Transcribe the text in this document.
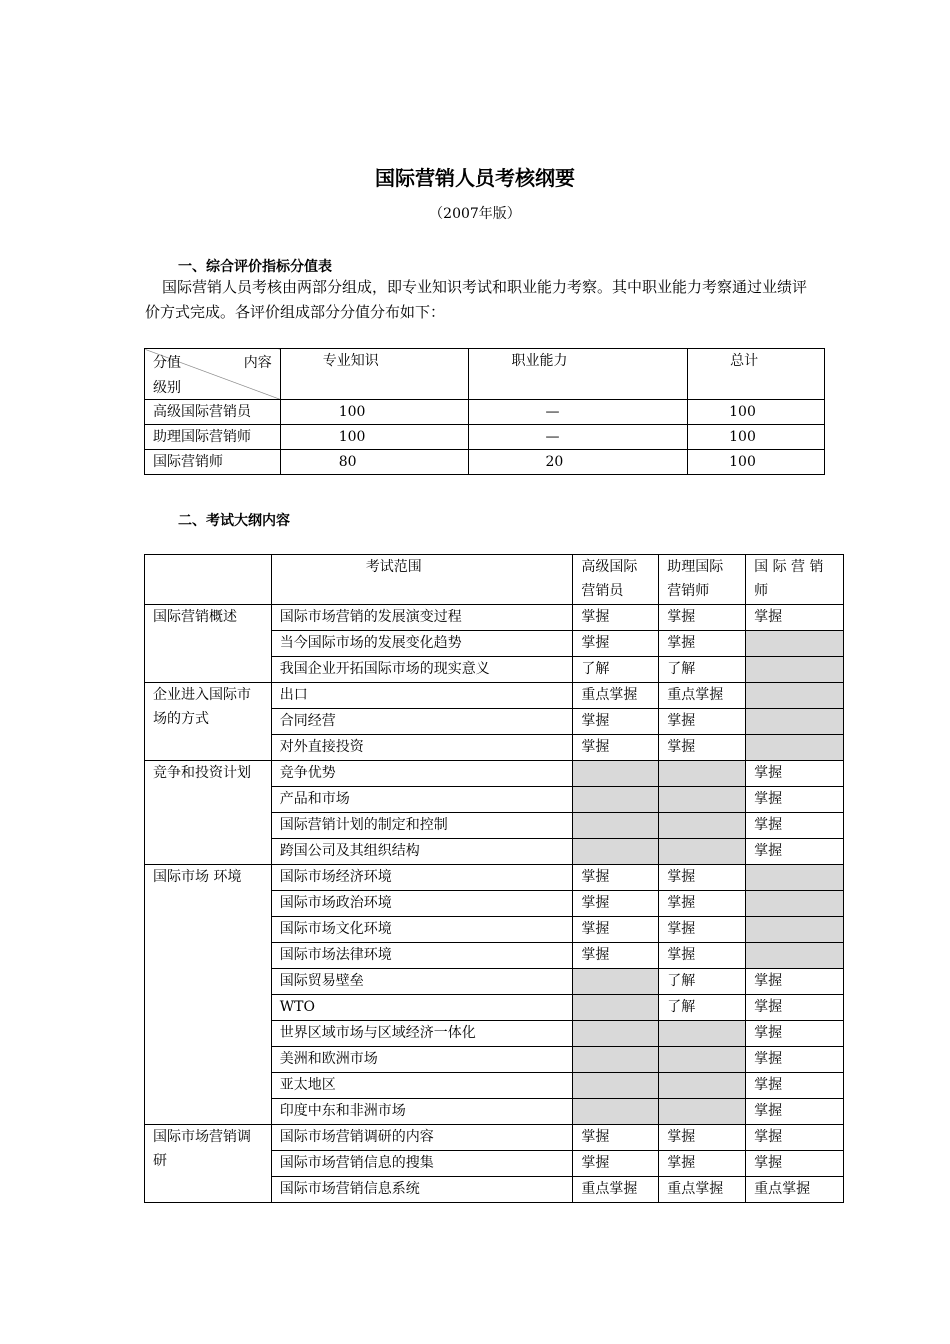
国际营销人员考核纲要
（2007年版）
一、综合评价指标分值表
国际营销人员考核由两部分组成，即专业知识考试和职业能力考察。其中职业能力考察通过业绩评价方式完成。各评价组成部分分值分布如下：
分值 内容
级别	专业知识	职业能力	总计
高级国际营销员	100	—	100
助理国际营销师	100	—	100
国际营销师	80	20	100
二、考试大纲内容
	考试范围	高级国际营销员	助理国际营销师	国 际 营 销 师
国际营销概述	国际市场营销的发展演变过程	掌握	掌握	掌握
	当今国际市场的发展变化趋势	掌握	掌握	
	我国企业开拓国际市场的现实意义	了解	了解	
企业进入国际市场的方式	出口	重点掌握	重点掌握	
	合同经营	掌握	掌握	
	对外直接投资	掌握	掌握	
竞争和投资计划	竞争优势			掌握
	产品和市场			掌握
	国际营销计划的制定和控制			掌握
	跨国公司及其组织结构			掌握
国际市场 环境	国际市场经济环境	掌握	掌握	
	国际市场政治环境	掌握	掌握	
	国际市场文化环境	掌握	掌握	
	国际市场法律环境	掌握	掌握	
	国际贸易壁垒		了解	掌握
	WTO		了解	掌握
	世界区域市场与区域经济一体化			掌握
	美洲和欧洲市场			掌握
	亚太地区			掌握
	印度中东和非洲市场			掌握
国际市场营销调研	国际市场营销调研的内容	掌握	掌握	掌握
	国际市场营销信息的搜集	掌握	掌握	掌握
	国际市场营销信息系统	重点掌握	重点掌握	重点掌握
